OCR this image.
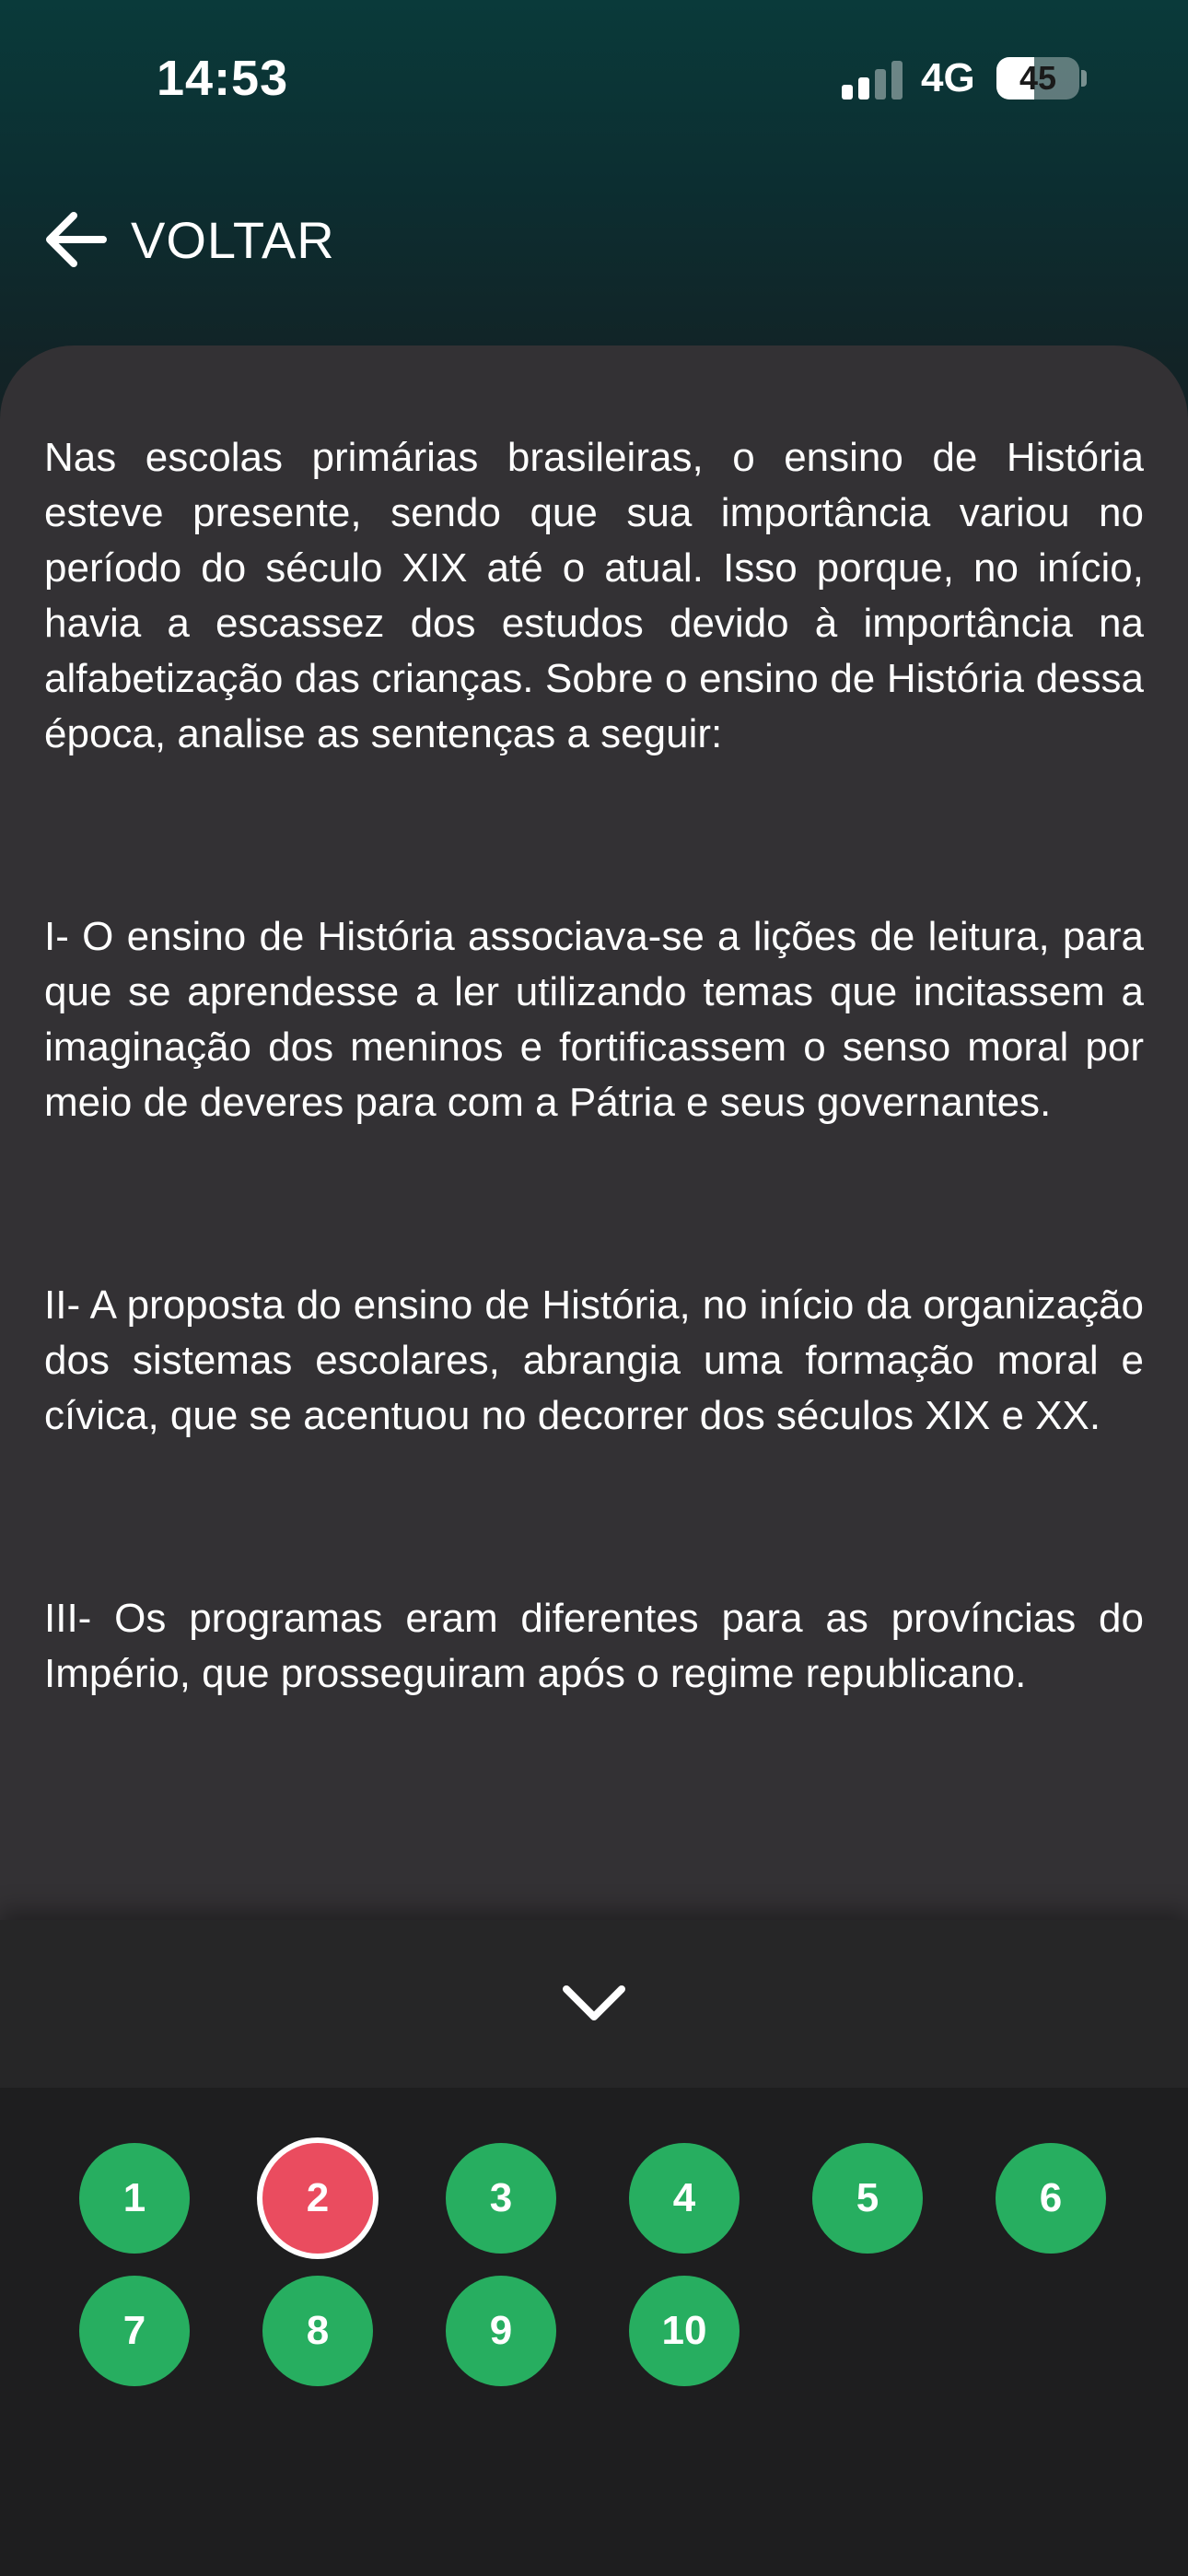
14:53	4G	45
VOLTAR

Nas escolas primárias brasileiras, o ensino de História esteve presente, sendo que sua importância variou no período do século XIX até o atual. Isso porque, no início, havia a escassez dos estudos devido à importância na alfabetização das crianças. Sobre o ensino de História dessa época, analise as sentenças a seguir:

I- O ensino de História associava-se a lições de leitura, para que se aprendesse a ler utilizando temas que incitassem a imaginação dos meninos e fortificassem o senso moral por meio de deveres para com a Pátria e seus governantes.

II- A proposta do ensino de História, no início da organização dos sistemas escolares, abrangia uma formação moral e cívica, que se acentuou no decorrer dos séculos XIX e XX.

III- Os programas eram diferentes para as províncias do Império, que prosseguiram após o regime republicano.

1	2	3	4	5	6
7	8	9	10
